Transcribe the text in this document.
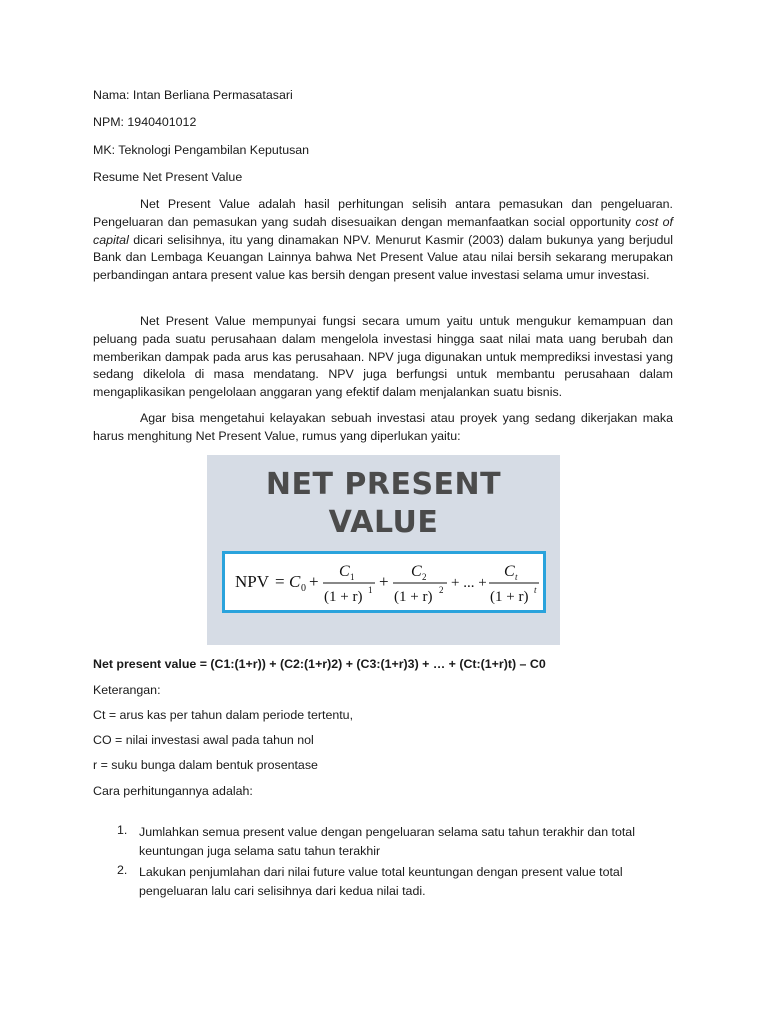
Nama: Intan Berliana Permasatasari
NPM: 1940401012
MK: Teknologi Pengambilan Keputusan
Resume Net Present Value
Net Present Value adalah hasil perhitungan selisih antara pemasukan dan pengeluaran. Pengeluaran dan pemasukan yang sudah disesuaikan dengan memanfaatkan social opportunity cost of capital dicari selisihnya, itu yang dinamakan NPV. Menurut Kasmir (2003) dalam bukunya yang berjudul Bank dan Lembaga Keuangan Lainnya bahwa Net Present Value atau nilai bersih sekarang merupakan perbandingan antara present value kas bersih dengan present value investasi selama umur investasi.
Net Present Value mempunyai fungsi secara umum yaitu untuk mengukur kemampuan dan peluang pada suatu perusahaan dalam mengelola investasi hingga saat nilai mata uang berubah dan memberikan dampak pada arus kas perusahaan. NPV juga digunakan untuk memprediksi investasi yang sedang dikelola di masa mendatang. NPV juga berfungsi untuk membantu perusahaan dalam mengaplikasikan pengelolaan anggaran yang efektif dalam menjalankan suatu bisnis.
Agar bisa mengetahui kelayakan sebuah investasi atau proyek yang sedang dikerjakan maka harus menghitung Net Present Value, rumus yang diperlukan yaitu:
NET PRESENT
VALUE
NPV = C 0 +
C 1
(1 + r) 1 +
C 2
(1 + r) 2 + ... +
C t
(1 + r) t
Net present value = (C1:(1+r)) + (C2:(1+r)2) + (C3:(1+r)3) + … + (Ct:(1+r)t) – C0
Keterangan:
Ct = arus kas per tahun dalam periode tertentu,
CO = nilai investasi awal pada tahun nol
r = suku bunga dalam bentuk prosentase
Cara perhitungannya adalah:
1. Jumlahkan semua present value dengan pengeluaran selama satu tahun terakhir dan total keuntungan juga selama satu tahun terakhir
2. Lakukan penjumlahan dari nilai future value total keuntungan dengan present value total pengeluaran lalu cari selisihnya dari kedua nilai tadi.
